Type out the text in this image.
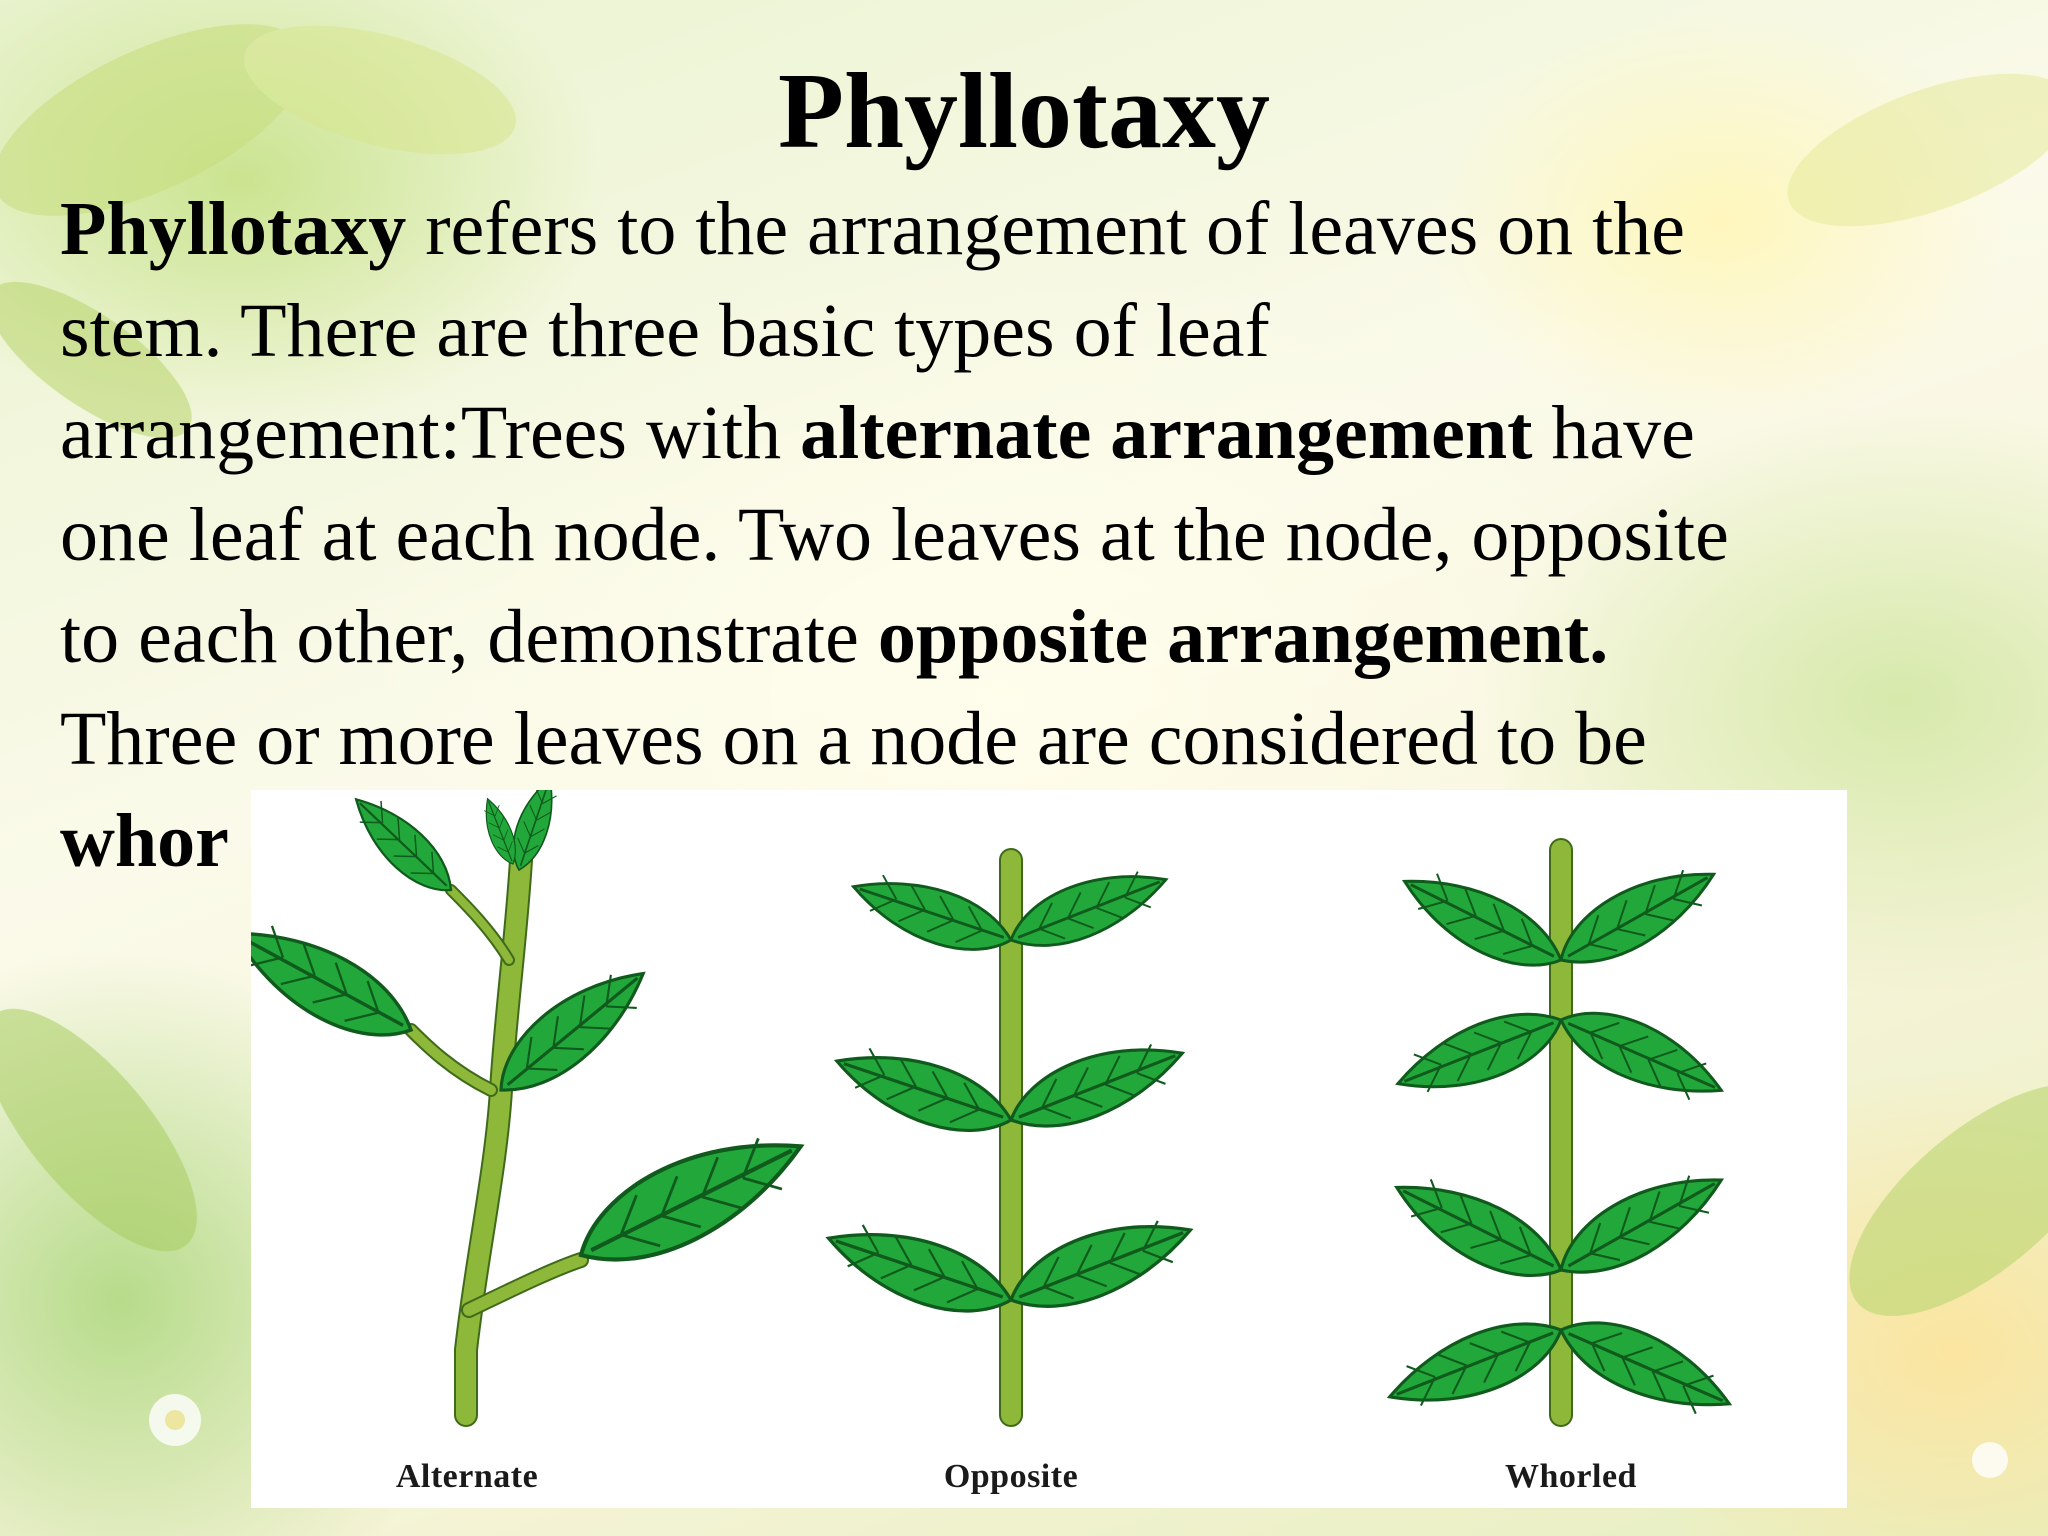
Phyllotaxy

Phyllotaxy refers to the arrangement of leaves on the

stem. There are three basic types of leaf

arrangement:Trees with alternate arrangement have

one leaf at each node. Two leaves at the node, opposite

to each other, demonstrate opposite arrangement.

Three or more leaves on a node are considered to be

whor

Alternate	Opposite	Whorled
